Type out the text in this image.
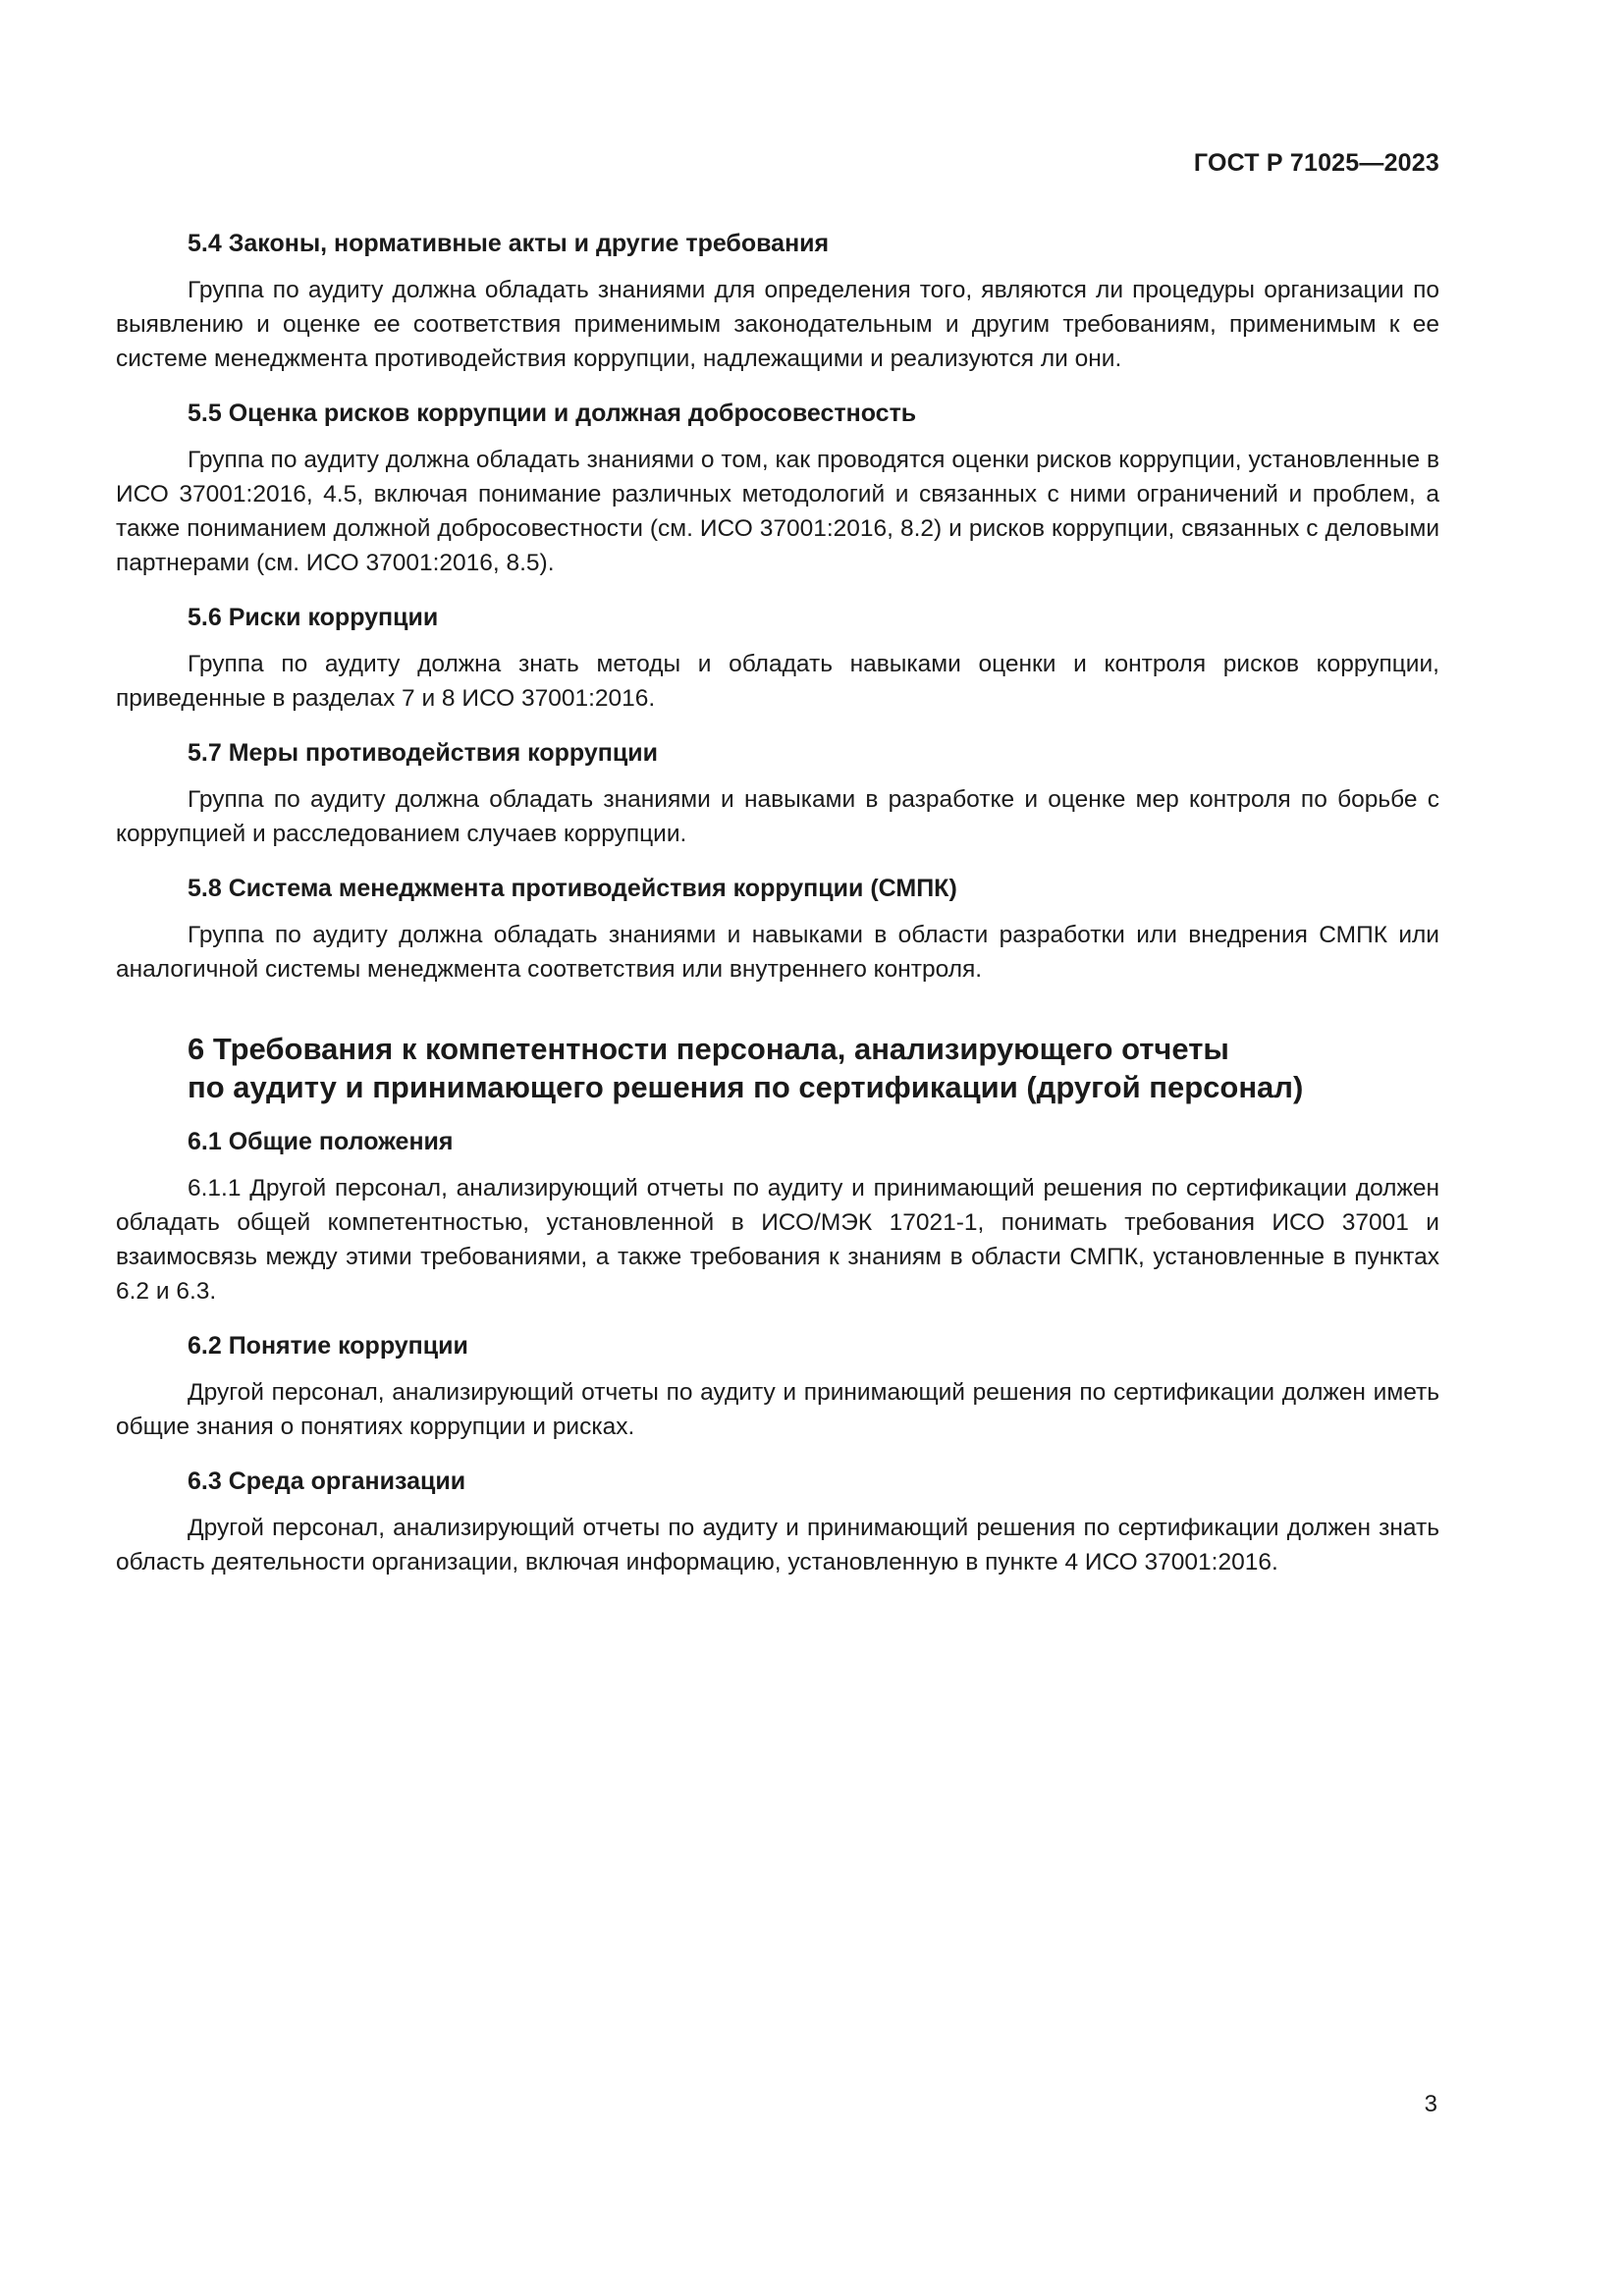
ГОСТ Р 71025—2023
5.4 Законы, нормативные акты и другие требования

Группа по аудиту должна обладать знаниями для определения того, являются ли процедуры организации по выявлению и оценке ее соответствия применимым законодательным и другим требованиям, применимым к ее системе менеджмента противодействия коррупции, надлежащими и реализуются ли они.

5.5 Оценка рисков коррупции и должная добросовестность

Группа по аудиту должна обладать знаниями о том, как проводятся оценки рисков коррупции, установленные в ИСО 37001:2016, 4.5, включая понимание различных методологий и связанных с ними ограничений и проблем, а также пониманием должной добросовестности (см. ИСО 37001:2016, 8.2) и рисков коррупции, связанных с деловыми партнерами (см. ИСО 37001:2016, 8.5).

5.6 Риски коррупции

Группа по аудиту должна знать методы и обладать навыками оценки и контроля рисков коррупции, приведенные в разделах 7 и 8 ИСО 37001:2016.

5.7 Меры противодействия коррупции

Группа по аудиту должна обладать знаниями и навыками в разработке и оценке мер контроля по борьбе с коррупцией и расследованием случаев коррупции.

5.8 Система менеджмента противодействия коррупции (СМПК)

Группа по аудиту должна обладать знаниями и навыками в области разработки или внедрения СМПК или аналогичной системы менеджмента соответствия или внутреннего контроля.

6 Требования к компетентности персонала, анализирующего отчеты
по аудиту и принимающего решения по сертификации (другой персонал)
6.1 Общие положения

6.1.1 Другой персонал, анализирующий отчеты по аудиту и принимающий решения по сертификации должен обладать общей компетентностью, установленной в ИСО/МЭК 17021-1, понимать требования ИСО 37001 и взаимосвязь между этими требованиями, а также требования к знаниям в области СМПК, установленные в пунктах 6.2 и 6.3.

6.2 Понятие коррупции

Другой персонал, анализирующий отчеты по аудиту и принимающий решения по сертификации должен иметь общие знания о понятиях коррупции и рисках.

6.3 Среда организации

Другой персонал, анализирующий отчеты по аудиту и принимающий решения по сертификации должен знать область деятельности организации, включая информацию, установленную в пункте 4 ИСО 37001:2016.

3
